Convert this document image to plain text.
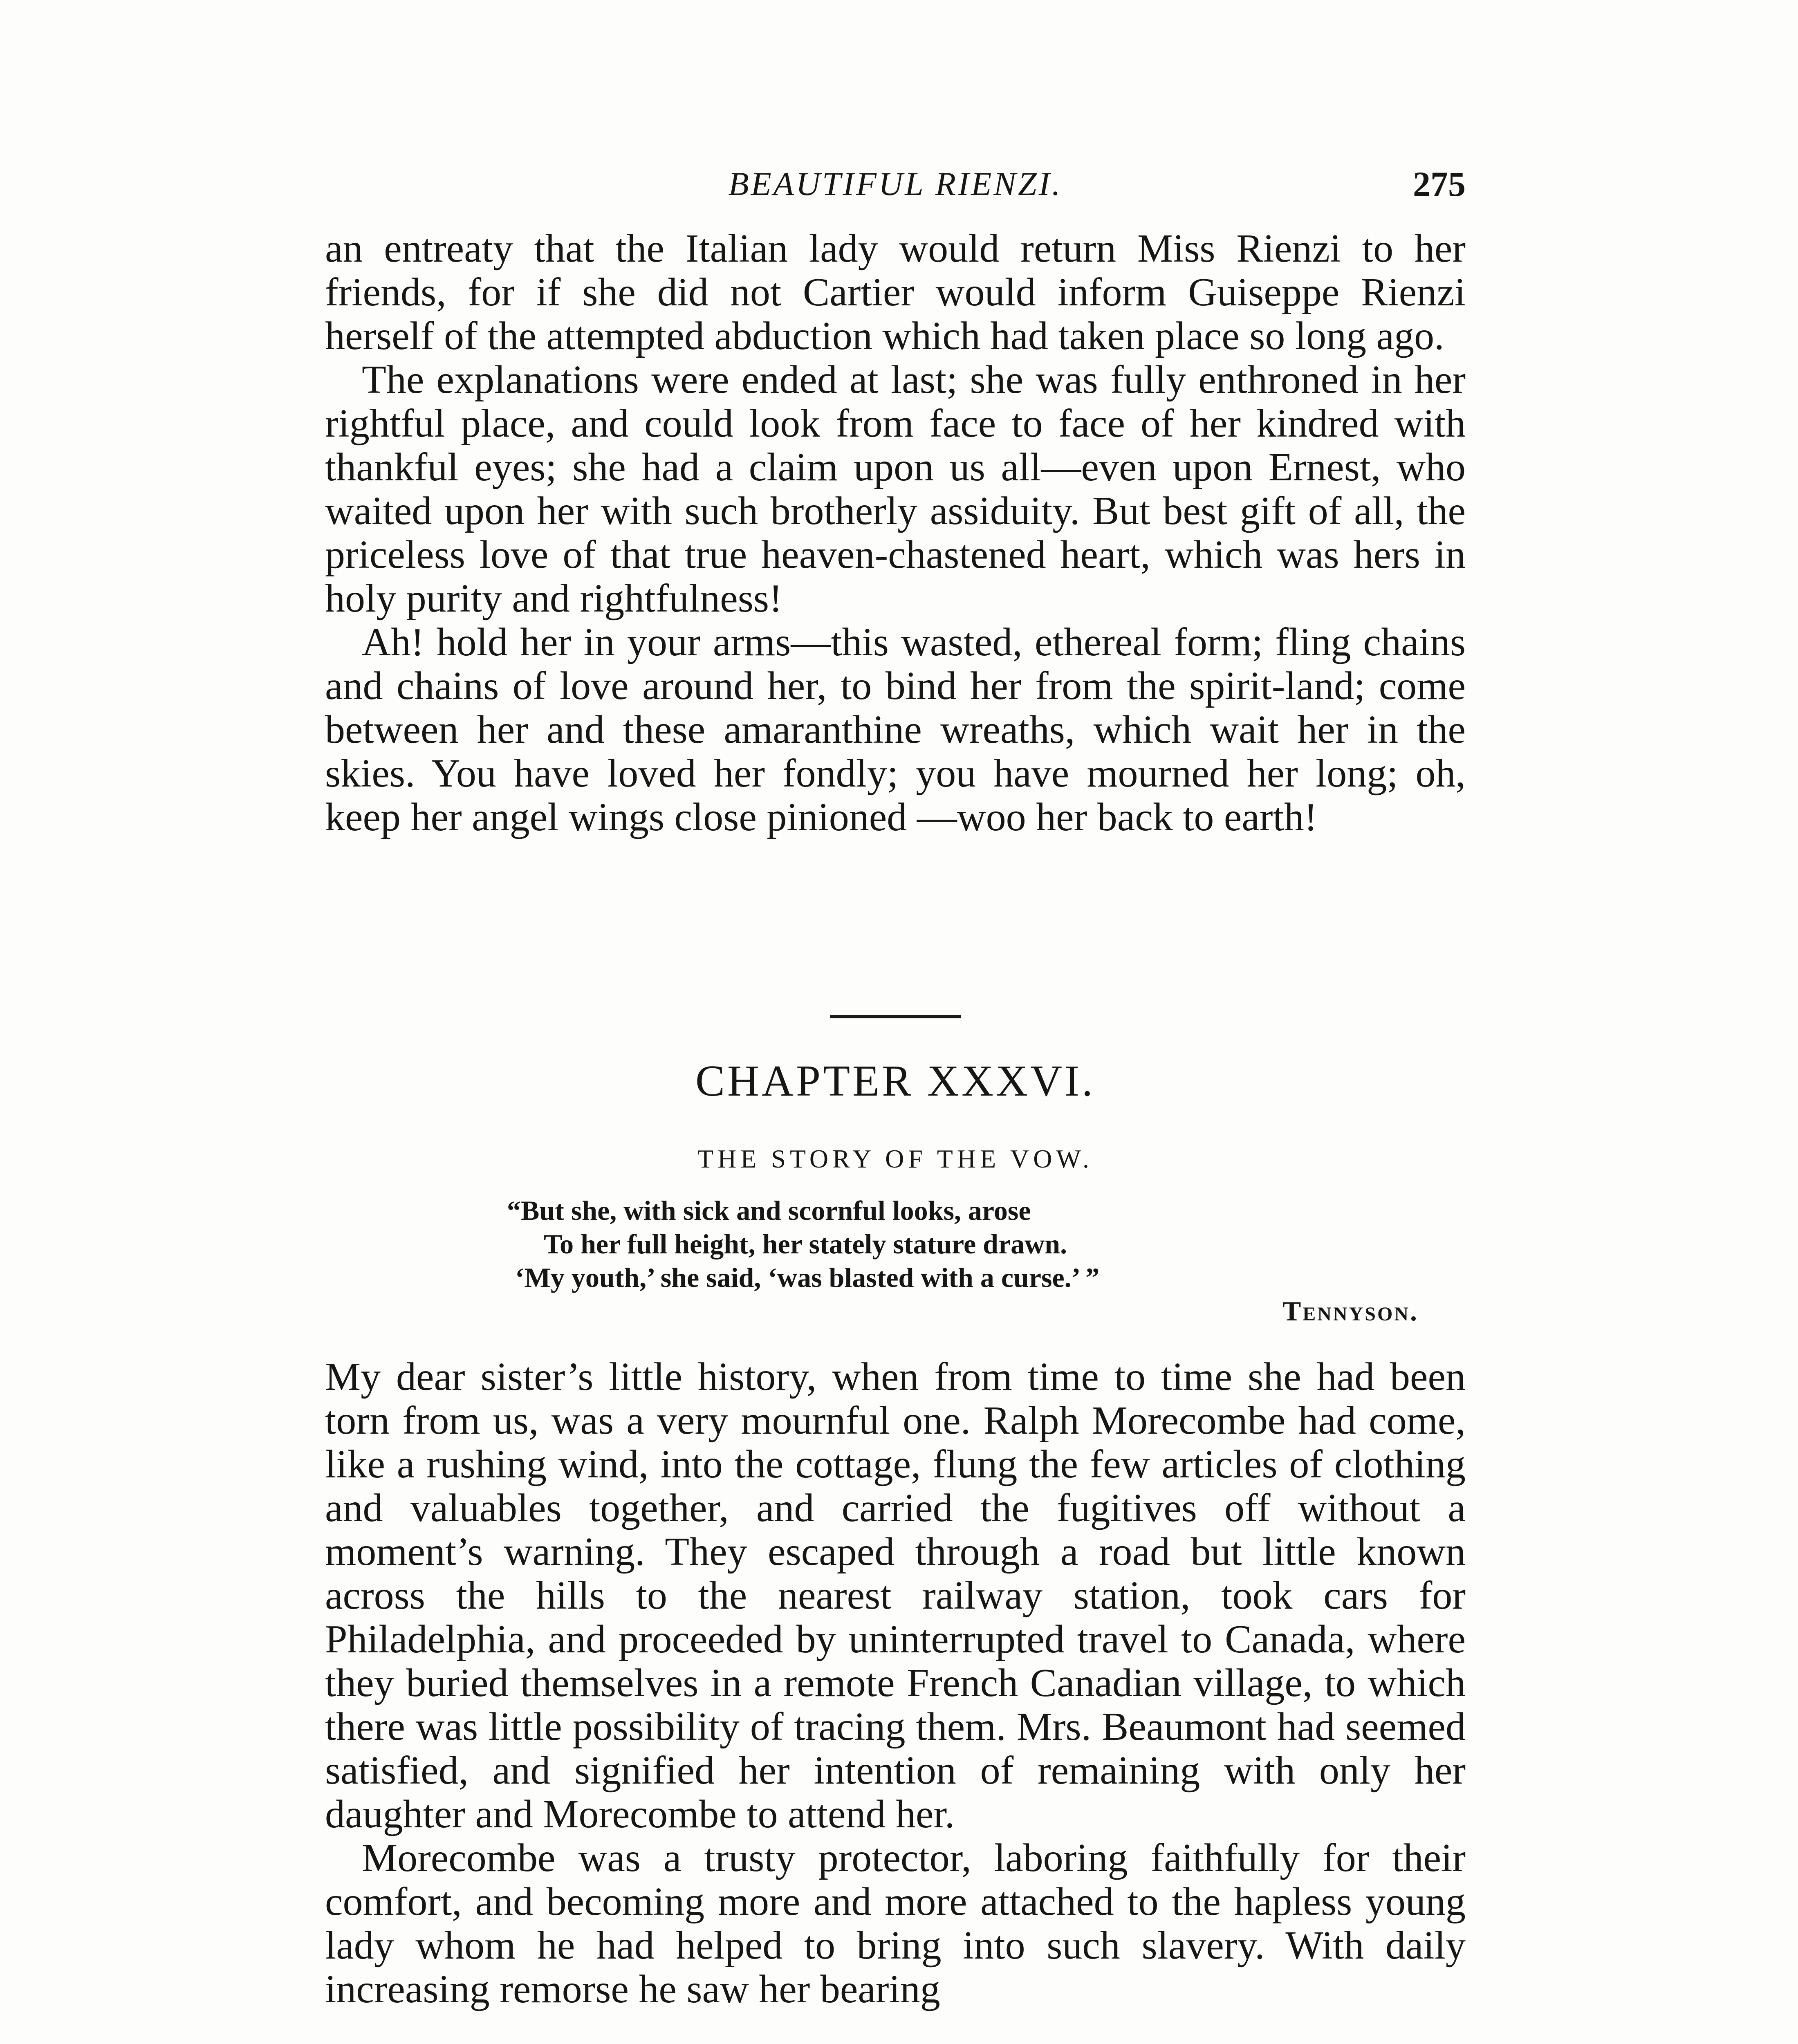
BEAUTIFUL RIENZI.	275

an entreaty that the Italian lady would return Miss Rienzi to her friends, for if she did not Cartier would inform Guiseppe Rienzi herself of the attempted abduction which had taken place so long ago.

The explanations were ended at last; she was fully enthroned in her rightful place, and could look from face to face of her kindred with thankful eyes; she had a claim upon us all—even upon Ernest, who waited upon her with such brotherly assiduity. But best gift of all, the priceless love of that true heaven-chastened heart, which was hers in holy purity and rightfulness!

Ah! hold her in your arms—this wasted, ethereal form; fling chains and chains of love around her, to bind her from the spirit-land; come between her and these amaranthine wreaths, which wait her in the skies. You have loved her fondly; you have mourned her long; oh, keep her angel wings close pinioned —woo her back to earth!

CHAPTER XXXVI.
THE STORY OF THE VOW.
“But she, with sick and scornful looks, arose
To her full height, her stately stature drawn.
‘My youth,’ she said, ‘was blasted with a curse.’ ”
Tennyson.

My dear sister’s little history, when from time to time she had been torn from us, was a very mournful one. Ralph Morecombe had come, like a rushing wind, into the cottage, flung the few articles of clothing and valuables together, and carried the fugitives off without a moment’s warning. They escaped through a road but little known across the hills to the nearest railway station, took cars for Philadelphia, and proceeded by uninterrupted travel to Canada, where they buried themselves in a remote French Canadian village, to which there was little possibility of tracing them. Mrs. Beaumont had seemed satisfied, and signified her intention of remaining with only her daughter and Morecombe to attend her.

Morecombe was a trusty protector, laboring faithfully for their comfort, and becoming more and more attached to the hapless young lady whom he had helped to bring into such slavery. With daily increasing remorse he saw her bearing
